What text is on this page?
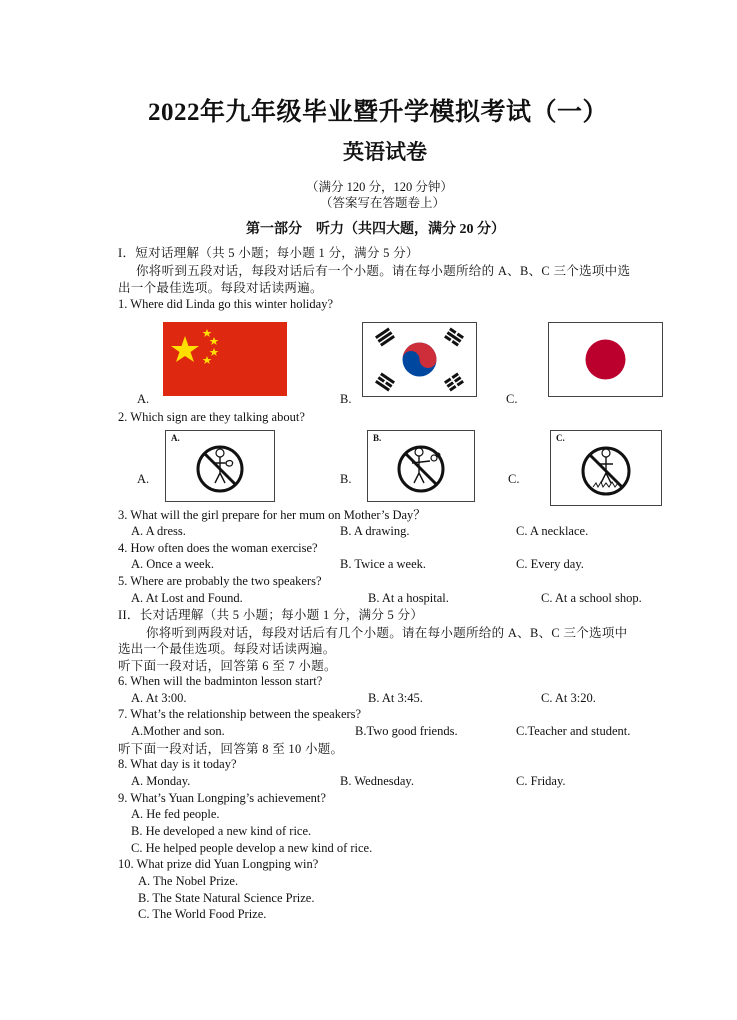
2022年九年级毕业暨升学模拟考试（一）
英语试卷
（满分 120 分，120 分钟）
（答案写在答题卷上）
第一部分　听力（共四大题，满分 20 分）
I．短对话理解（共 5 小题；每小题 1 分，满分 5 分）
你将听到五段对话，每段对话后有一个小题。请在每小题所给的 A、B、C 三个选项中选
出一个最佳选项。每段对话读两遍。
1. Where did Linda go this winter holiday?
A.	B.	C.
2. Which sign are they talking about?
A.
A.
B.
B.
C.
C.
3. What will the girl prepare for her mum on Mother’s Day？
A. A dress.	B. A drawing.	C. A necklace.
4. How often does the woman exercise?
A. Once a week.	B. Twice a week.	C. Every day.
5. Where are probably the two speakers?
A. At Lost and Found.	B. At a hospital.	C. At a school shop.
II．长对话理解（共 5 小题；每小题 1 分，满分 5 分）
你将听到两段对话，每段对话后有几个小题。请在每小题所给的 A、B、C 三个选项中
选出一个最佳选项。每段对话读两遍。
听下面一段对话，回答第 6 至 7 小题。
6. When will the badminton lesson start?
A. At 3:00.	B. At 3:45.	C. At 3:20.
7. What’s the relationship between the speakers?
A.Mother and son.	B.Two good friends.	C.Teacher and student.
听下面一段对话，回答第 8 至 10 小题。
8. What day is it today?
A. Monday.	B. Wednesday.	C. Friday.
9. What’s Yuan Longping’s achievement?
A. He fed people.
B. He developed a new kind of rice.
C. He helped people develop a new kind of rice.
10. What prize did Yuan Longping win?
A. The Nobel Prize.
B. The State Natural Science Prize.
C. The World Food Prize.
